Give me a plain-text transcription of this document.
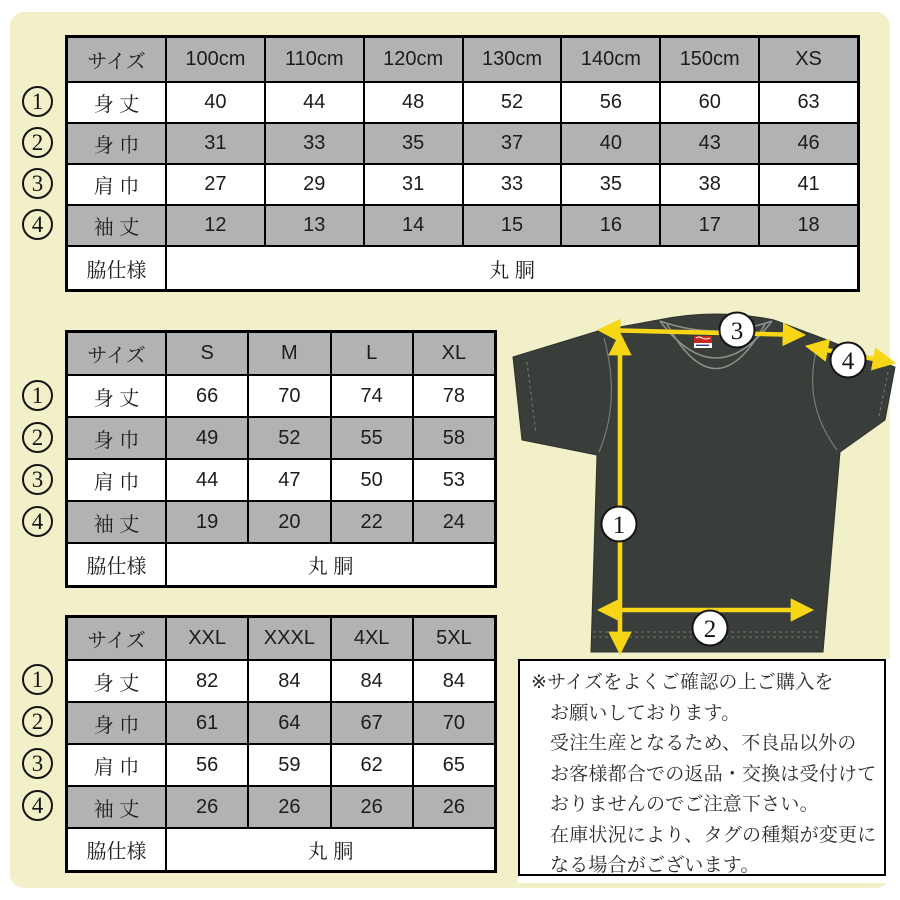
サイズ	100cm	110cm	120cm	130cm	140cm	150cm	XS
身 丈	40	44	48	52	56	60	63
身 巾	31	33	35	37	40	43	46
肩 巾	27	29	31	33	35	38	41
袖 丈	12	13	14	15	16	17	18
脇仕様	丸 胴
サイズ	S	M	L	XL
身 丈	66	70	74	78
身 巾	49	52	55	58
肩 巾	44	47	50	53
袖 丈	19	20	22	24
脇仕様	丸 胴
サイズ	XXL	XXXL	4XL	5XL
身 丈	82	84	84	84
身 巾	61	64	67	70
肩 巾	56	59	62	65
袖 丈	26	26	26	26
脇仕様	丸 胴
1
2
3
4
1
2
3
4
1
2
3
4
3
4
1
2
※サイズをよくご確認の上ご購入を
お願いしております。
受注生産となるため、不良品以外の
お客様都合での返品・交換は受付けて
おりませんのでご注意下さい。
在庫状況により、タグの種類が変更に
なる場合がございます。
